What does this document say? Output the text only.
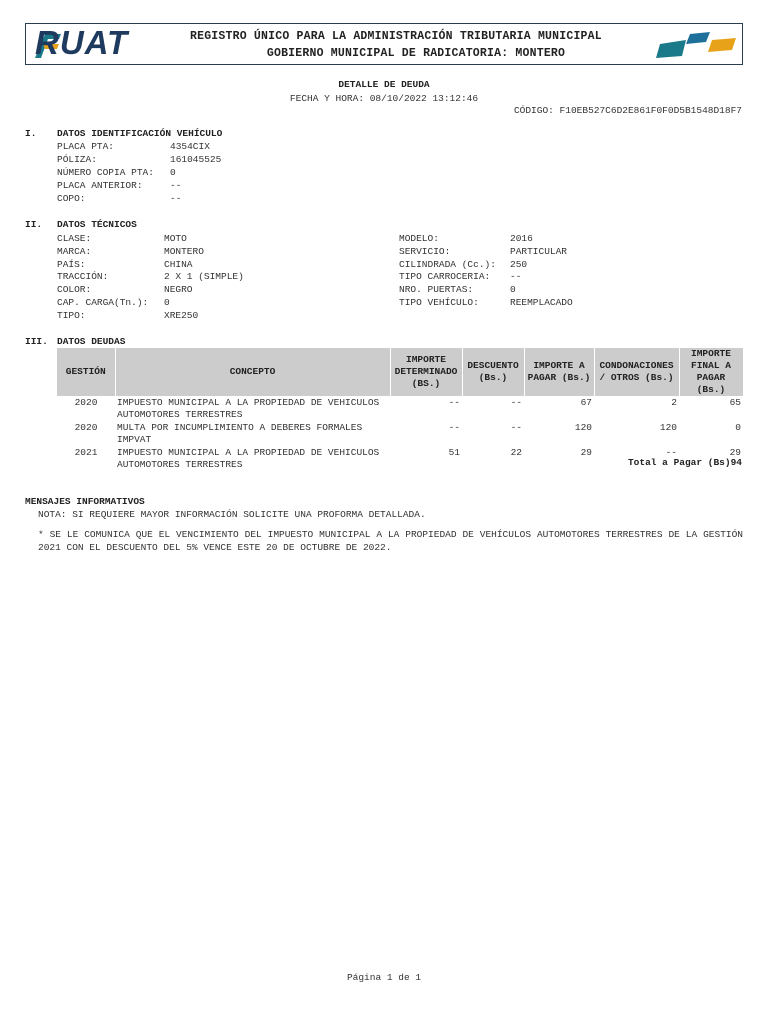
RUAT	REGISTRO ÚNICO PARA LA ADMINISTRACIÓN TRIBUTARIA MUNICIPAL
GOBIERNO MUNICIPAL DE RADICATORIA: MONTERO
DETALLE DE DEUDA
FECHA Y HORA: 08/10/2022 13:12:46
CÓDIGO: F10EB527C6D2E861F0F0D5B1548D18F7
I. DATOS IDENTIFICACIÓN VEHÍCULO
PLACA PTA:	4354CIX
PÓLIZA:	161045525
NÚMERO COPIA PTA: 0
PLACA ANTERIOR:	--
COPO:	--
II. DATOS TÉCNICOS
CLASE:	MOTO
MARCA:	MONTERO
PAÍS:	CHINA
TRACCIÓN:	2 X 1 (SIMPLE)
COLOR:	NEGRO
CAP. CARGA(Tn.): 0
TIPO:	XRE250
MODELO:	2016
SERVICIO:	PARTICULAR
CILINDRADA (Cc.): 250
TIPO CARROCERIA: --
NRO. PUERTAS:	0
TIPO VEHÍCULO:	REEMPLACADO
III. DATOS DEUDAS
GESTIÓN	CONCEPTO	IMPORTE DETERMINADO (BS.)	DESCUENTO (Bs.)	IMPORTE A PAGAR (Bs.)	CONDONACIONES / OTROS (Bs.)	IMPORTE FINAL A PAGAR (Bs.)
2020	IMPUESTO MUNICIPAL A LA PROPIEDAD DE VEHICULOS AUTOMOTORES TERRESTRES	--	--	67	2	65
2020	MULTA POR INCUMPLIMIENTO A DEBERES FORMALES IMPVAT	--	--	120	120	0
2021	IMPUESTO MUNICIPAL A LA PROPIEDAD DE VEHICULOS AUTOMOTORES TERRESTRES	51	22	29	--	29
Total a Pagar (Bs)94
MENSAJES INFORMATIVOS
NOTA: SI REQUIERE MAYOR INFORMACIÓN SOLICITE UNA PROFORMA DETALLADA.
* SE LE COMUNICA QUE EL VENCIMIENTO DEL IMPUESTO MUNICIPAL A LA PROPIEDAD DE VEHÍCULOS AUTOMOTORES TERRESTRES DE LA GESTIÓN 2021 CON EL DESCUENTO DEL 5% VENCE ESTE 20 DE OCTUBRE DE 2022.
Página 1 de 1
